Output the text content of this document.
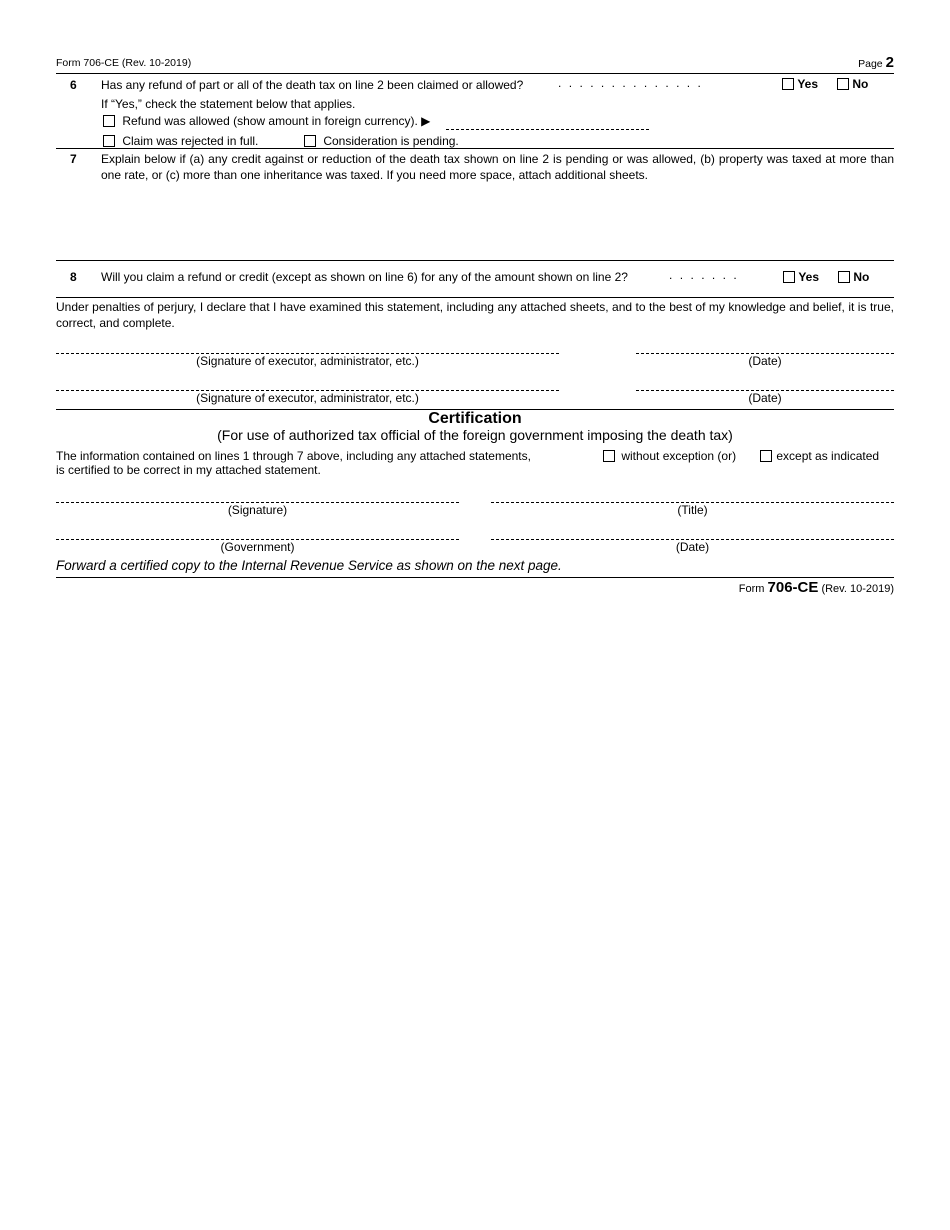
Form 706-CE (Rev. 10-2019)	Page 2
6 Has any refund of part or all of the death tax on line 2 been claimed or allowed?	..............	Yes	No
If “Yes,” check the statement below that applies.
Refund was allowed (show amount in foreign currency). ▶
Claim was rejected in full.	Consideration is pending.
7 Explain below if (a) any credit against or reduction of the death tax shown on line 2 is pending or was allowed, (b) property was taxed at more than one rate, or (c) more than one inheritance was taxed. If you need more space, attach additional sheets.
8 Will you claim a refund or credit (except as shown on line 6) for any of the amount shown on line 2?	.......	Yes	No
Under penalties of perjury, I declare that I have examined this statement, including any attached sheets, and to the best of my knowledge and belief, it is true, correct, and complete.
(Signature of executor, administrator, etc.)	(Date)
(Signature of executor, administrator, etc.)	(Date)
Certification
(For use of authorized tax official of the foreign government imposing the death tax)
The information contained on lines 1 through 7 above, including any attached statements,
is certified to be correct in my attached statement.
without exception (or)	except as indicated
(Signature)	(Title)
(Government)	(Date)
Forward a certified copy to the Internal Revenue Service as shown on the next page.
Form 706-CE (Rev. 10-2019)
